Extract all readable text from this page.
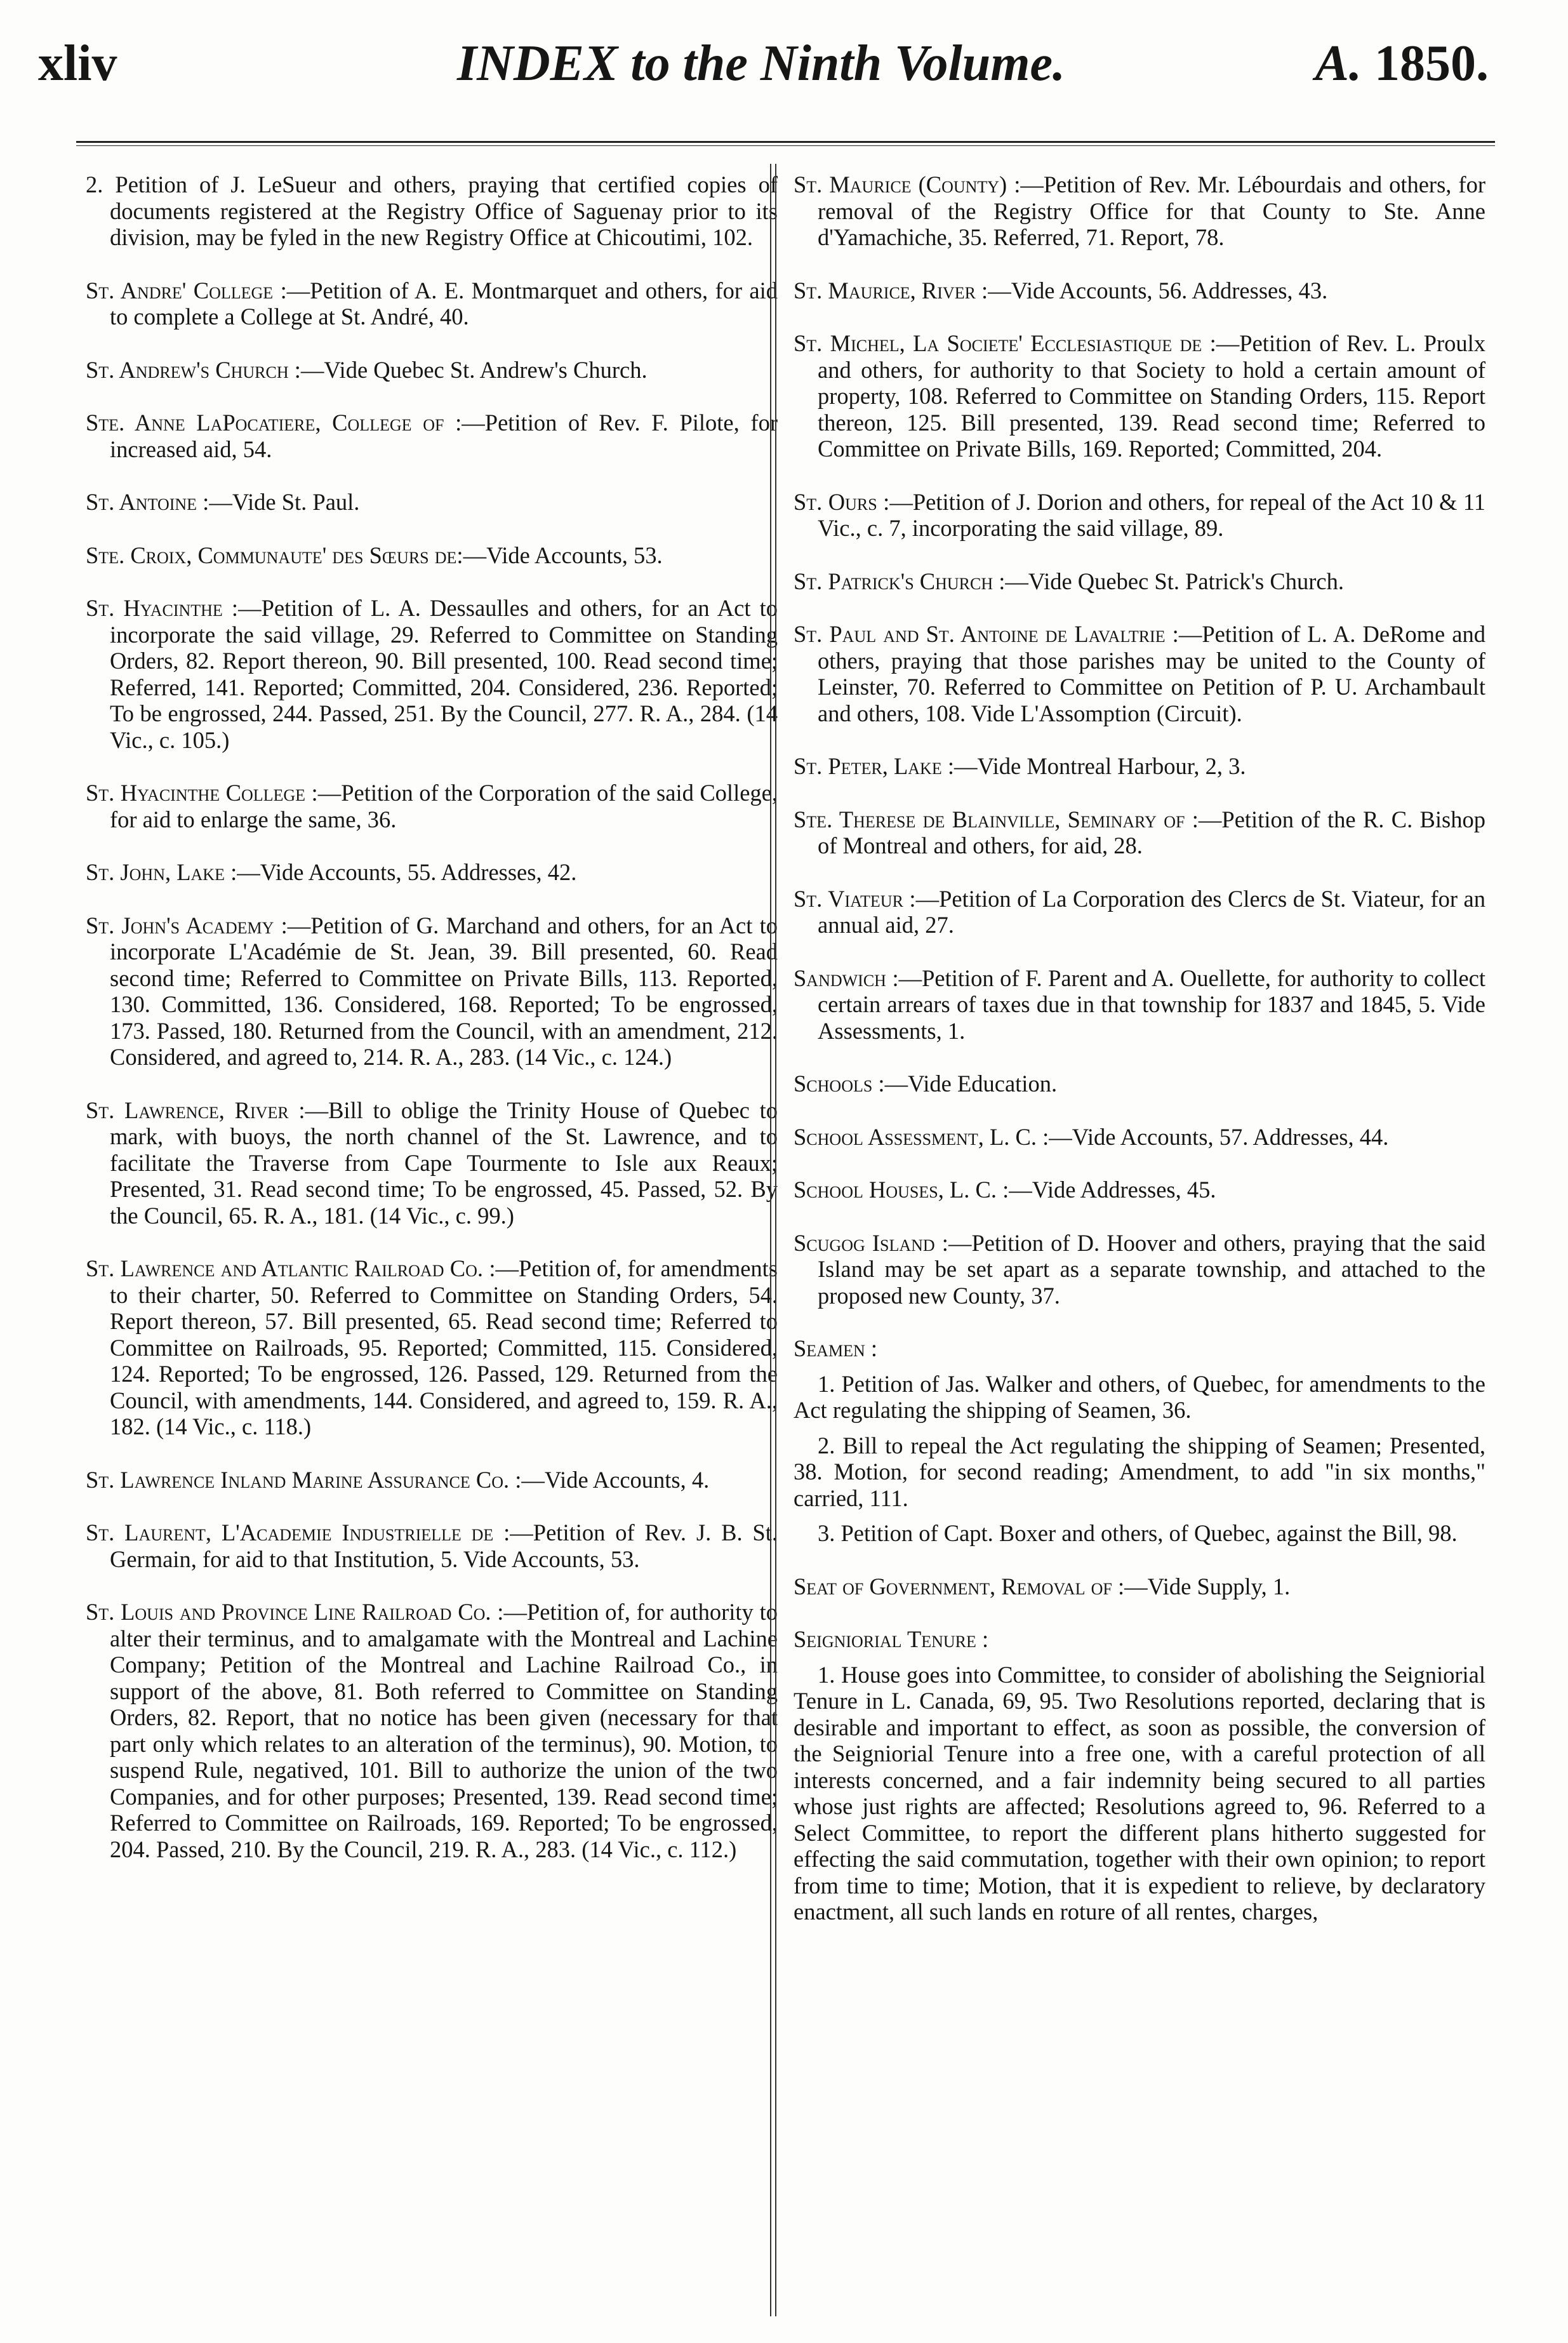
xliv	INDEX to the Ninth Volume.	A. 1850.

2. Petition of J. LeSueur and others, praying that certified copies of documents registered at the Registry Office of Saguenay prior to its division, may be fyled in the new Registry Office at Chicoutimi, 102.

St. Andre' College :—Petition of A. E. Montmarquet and others, for aid to complete a College at St. André, 40.

St. Andrew's Church :—Vide Quebec St. Andrew's Church.

Ste. Anne LaPocatiere, College of :—Petition of Rev. F. Pilote, for increased aid, 54.

St. Antoine :—Vide St. Paul.

Ste. Croix, Communaute' des Sœurs de:—Vide Accounts, 53.

St. Hyacinthe :—Petition of L. A. Dessaulles and others, for an Act to incorporate the said village, 29. Referred to Committee on Standing Orders, 82. Report thereon, 90. Bill presented, 100. Read second time; Referred, 141. Reported; Committed, 204. Considered, 236. Reported; To be engrossed, 244. Passed, 251. By the Council, 277. R. A., 284. (14 Vic., c. 105.)

St. Hyacinthe College :—Petition of the Corporation of the said College, for aid to enlarge the same, 36.

St. John, Lake :—Vide Accounts, 55. Addresses, 42.

St. John's Academy :—Petition of G. Marchand and others, for an Act to incorporate L'Académie de St. Jean, 39. Bill presented, 60. Read second time; Referred to Committee on Private Bills, 113. Reported, 130. Committed, 136. Considered, 168. Reported; To be engrossed, 173. Passed, 180. Returned from the Council, with an amendment, 212. Considered, and agreed to, 214. R. A., 283. (14 Vic., c. 124.)

St. Lawrence, River :—Bill to oblige the Trinity House of Quebec to mark, with buoys, the north channel of the St. Lawrence, and to facilitate the Traverse from Cape Tourmente to Isle aux Reaux; Presented, 31. Read second time; To be engrossed, 45. Passed, 52. By the Council, 65. R. A., 181. (14 Vic., c. 99.)

St. Lawrence and Atlantic Railroad Co. :—Petition of, for amendments to their charter, 50. Referred to Committee on Standing Orders, 54. Report thereon, 57. Bill presented, 65. Read second time; Referred to Committee on Railroads, 95. Reported; Committed, 115. Considered, 124. Reported; To be engrossed, 126. Passed, 129. Returned from the Council, with amendments, 144. Considered, and agreed to, 159. R. A., 182. (14 Vic., c. 118.)

St. Lawrence Inland Marine Assurance Co. :—Vide Accounts, 4.

St. Laurent, L'Academie Industrielle de :—Petition of Rev. J. B. St. Germain, for aid to that Institution, 5. Vide Accounts, 53.

St. Louis and Province Line Railroad Co. :—Petition of, for authority to alter their terminus, and to amalgamate with the Montreal and Lachine Company; Petition of the Montreal and Lachine Railroad Co., in support of the above, 81. Both referred to Committee on Standing Orders, 82. Report, that no notice has been given (necessary for that part only which relates to an alteration of the terminus), 90. Motion, to suspend Rule, negatived, 101. Bill to authorize the union of the two Companies, and for other purposes; Presented, 139. Read second time; Referred to Committee on Railroads, 169. Reported; To be engrossed, 204. Passed, 210. By the Council, 219. R. A., 283. (14 Vic., c. 112.)

St. Maurice (County) :—Petition of Rev. Mr. Lébourdais and others, for removal of the Registry Office for that County to Ste. Anne d'Yamachiche, 35. Referred, 71. Report, 78.

St. Maurice, River :—Vide Accounts, 56. Addresses, 43.

St. Michel, La Societe' Ecclesiastique de :—Petition of Rev. L. Proulx and others, for authority to that Society to hold a certain amount of property, 108. Referred to Committee on Standing Orders, 115. Report thereon, 125. Bill presented, 139. Read second time; Referred to Committee on Private Bills, 169. Reported; Committed, 204.

St. Ours :—Petition of J. Dorion and others, for repeal of the Act 10 & 11 Vic., c. 7, incorporating the said village, 89.

St. Patrick's Church :—Vide Quebec St. Patrick's Church.

St. Paul and St. Antoine de Lavaltrie :—Petition of L. A. DeRome and others, praying that those parishes may be united to the County of Leinster, 70. Referred to Committee on Petition of P. U. Archambault and others, 108. Vide L'Assomption (Circuit).

St. Peter, Lake :—Vide Montreal Harbour, 2, 3.

Ste. Therese de Blainville, Seminary of :—Petition of the R. C. Bishop of Montreal and others, for aid, 28.

St. Viateur :—Petition of La Corporation des Clercs de St. Viateur, for an annual aid, 27.

Sandwich :—Petition of F. Parent and A. Ouellette, for authority to collect certain arrears of taxes due in that township for 1837 and 1845, 5. Vide Assessments, 1.

Schools :—Vide Education.

School Assessment, L. C. :—Vide Accounts, 57. Addresses, 44.

School Houses, L. C. :—Vide Addresses, 45.

Scugog Island :—Petition of D. Hoover and others, praying that the said Island may be set apart as a separate township, and attached to the proposed new County, 37.

Seamen :

1. Petition of Jas. Walker and others, of Quebec, for amendments to the Act regulating the shipping of Seamen, 36.

2. Bill to repeal the Act regulating the shipping of Seamen; Presented, 38. Motion, for second reading; Amendment, to add "in six months," carried, 111.

3. Petition of Capt. Boxer and others, of Quebec, against the Bill, 98.

Seat of Government, Removal of :—Vide Supply, 1.

Seigniorial Tenure :

1. House goes into Committee, to consider of abolishing the Seigniorial Tenure in L. Canada, 69, 95. Two Resolutions reported, declaring that is desirable and important to effect, as soon as possible, the conversion of the Seigniorial Tenure into a free one, with a careful protection of all interests concerned, and a fair indemnity being secured to all parties whose just rights are affected; Resolutions agreed to, 96. Referred to a Select Committee, to report the different plans hitherto suggested for effecting the said commutation, together with their own opinion; to report from time to time; Motion, that it is expedient to relieve, by declaratory enactment, all such lands en roture of all rentes, charges,
